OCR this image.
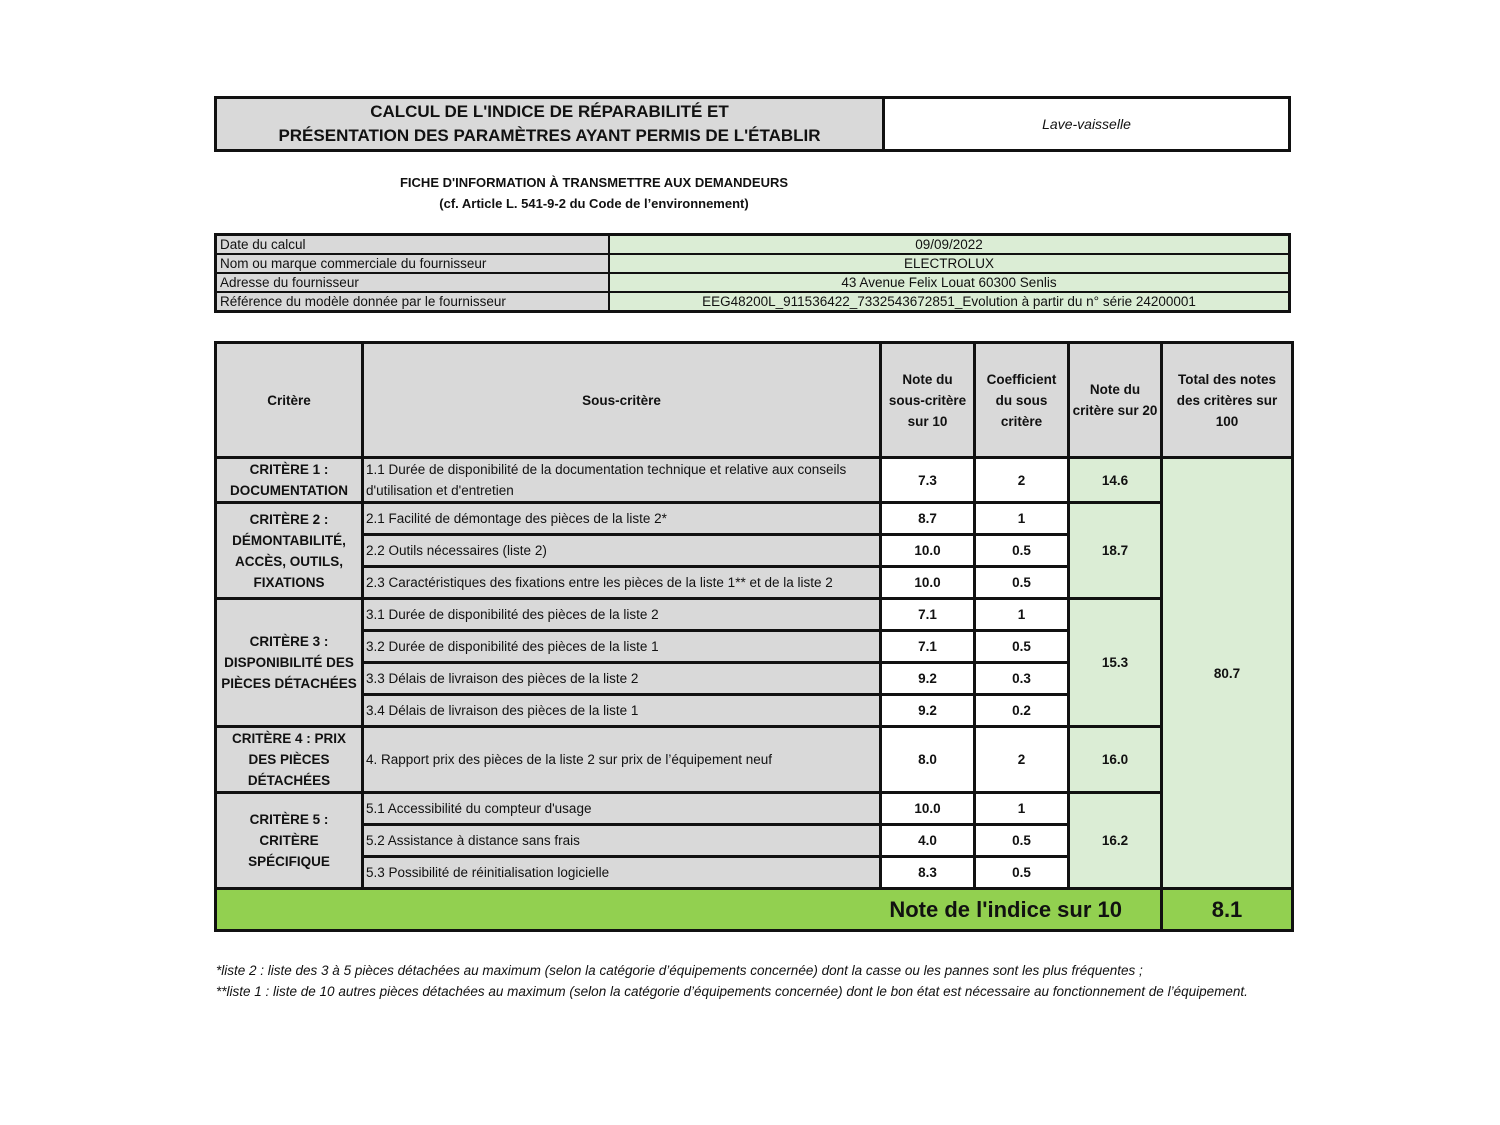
CALCUL DE L'INDICE DE RÉPARABILITÉ ET
PRÉSENTATION DES PARAMÈTRES AYANT PERMIS DE L'ÉTABLIR
Lave-vaisselle
FICHE D'INFORMATION À TRANSMETTRE AUX DEMANDEURS
(cf. Article L. 541-9-2 du Code de l’environnement)
Date du calcul	09/09/2022
Nom ou marque commerciale du fournisseur	ELECTROLUX
Adresse du fournisseur	43 Avenue Felix Louat 60300 Senlis
Référence du modèle donnée par le fournisseur	EEG48200L_911536422_7332543672851_Evolution à partir du n° série 24200001
Critère	Sous-critère	Note du sous-critère sur 10	Coefficient du sous critère	Note du critère sur 20	Total des notes des critères sur 100
CRITÈRE 1 : DOCUMENTATION	1.1 Durée de disponibilité de la documentation technique et relative aux conseils d'utilisation et d'entretien	7.3	2	14.6	80.7
CRITÈRE 2 : DÉMONTABILITÉ, ACCÈS, OUTILS, FIXATIONS	2.1 Facilité de démontage des pièces de la liste 2*	8.7	1	18.7	
	2.2 Outils nécessaires (liste 2)	10.0	0.5		
	2.3 Caractéristiques des fixations entre les pièces de la liste 1** et de la liste 2	10.0	0.5		
CRITÈRE 3 : DISPONIBILITÉ DES PIÈCES DÉTACHÉES	3.1 Durée de disponibilité des pièces de la liste 2	7.1	1	15.3	
	3.2 Durée de disponibilité des pièces de la liste 1	7.1	0.5		
	3.3 Délais de livraison des pièces de la liste 2	9.2	0.3		
	3.4 Délais de livraison des pièces de la liste 1	9.2	0.2		
CRITÈRE 4 : PRIX DES PIÈCES DÉTACHÉES	4. Rapport prix des pièces de la liste 2 sur prix de l’équipement neuf	8.0	2	16.0	
CRITÈRE 5 : CRITÈRE SPÉCIFIQUE	5.1 Accessibilité du compteur d'usage	10.0	1	16.2	
	5.2 Assistance à distance sans frais	4.0	0.5		
	5.3 Possibilité de réinitialisation logicielle	8.3	0.5		
Note de l'indice sur 10					8.1
*liste 2 : liste des 3 à 5 pièces détachées au maximum (selon la catégorie d’équipements concernée) dont la casse ou les pannes sont les plus fréquentes ;
**liste 1 : liste de 10 autres pièces détachées au maximum (selon la catégorie d’équipements concernée) dont le bon état est nécessaire au fonctionnement de l’équipement.
